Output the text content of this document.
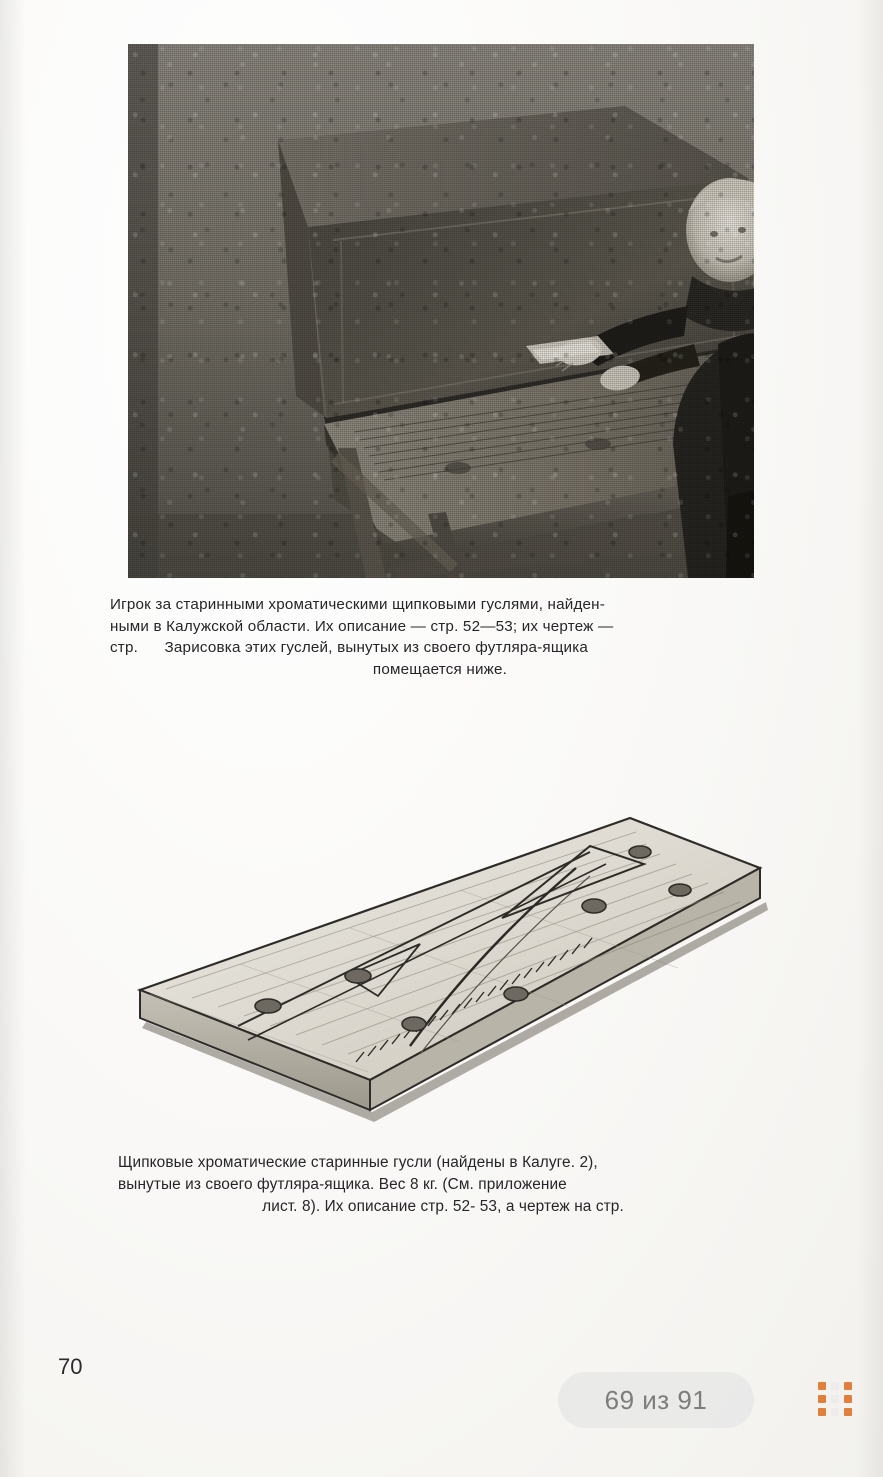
Игрок за старинными хроматическими щипковыми гуслями, найден-
ными в Калужской области. Их описание — стр. 52—53; их чертеж —
стр.      Зарисовка этих гуслей, вынутых из своего футляра-ящика
помещается ниже.
Щипковые хроматические старинные гусли (найдены в Калуге. 2),
вынутые из своего футляра-ящика. Вес 8 кг. (См. приложение
лист. 8). Их описание стр. 52- 53, а чертеж на стр.
70
69 из 91
